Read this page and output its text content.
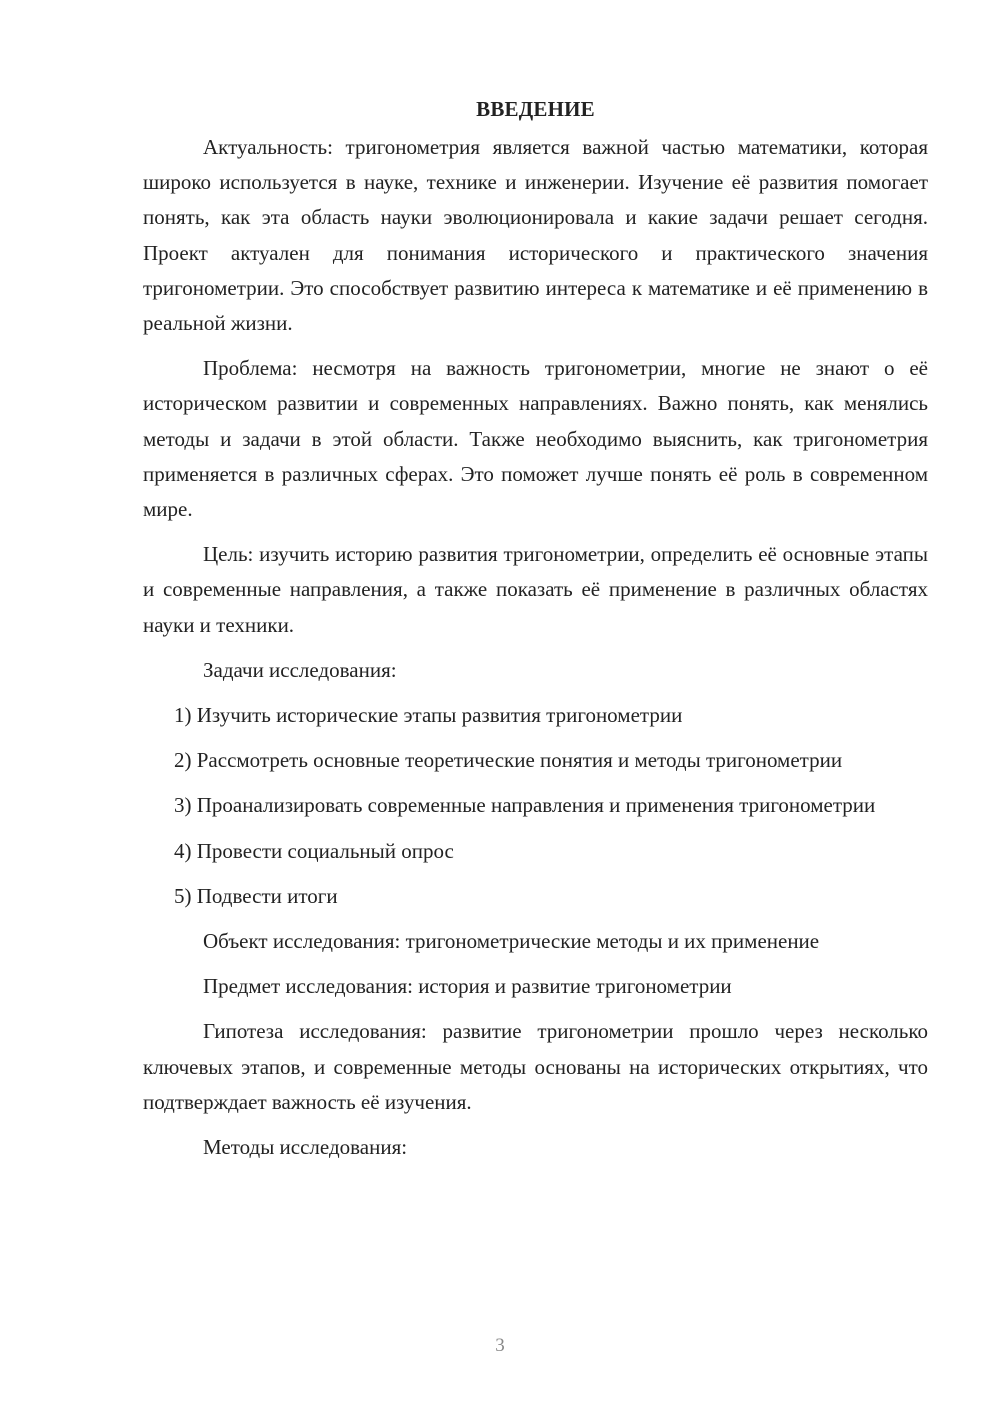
ВВЕДЕНИЕ

Актуальность: тригонометрия является важной частью математики, которая широко используется в науке, технике и инженерии. Изучение её развития помогает понять, как эта область науки эволюционировала и какие задачи решает сегодня. Проект актуален для понимания исторического и практического значения тригонометрии. Это способствует развитию интереса к математике и её применению в реальной жизни.

Проблема: несмотря на важность тригонометрии, многие не знают о её историческом развитии и современных направлениях. Важно понять, как менялись методы и задачи в этой области. Также необходимо выяснить, как тригонометрия применяется в различных сферах. Это поможет лучше понять её роль в современном мире.

Цель: изучить историю развития тригонометрии, определить её основные этапы и современные направления, а также показать её применение в различных областях науки и техники.

Задачи исследования:

1) Изучить исторические этапы развития тригонометрии

2) Рассмотреть основные теоретические понятия и методы тригонометрии

3) Проанализировать современные направления и применения тригонометрии

4) Провести социальный опрос

5) Подвести итоги

Объект исследования: тригонометрические методы и их применение

Предмет исследования: история и развитие тригонометрии

Гипотеза исследования: развитие тригонометрии прошло через несколько ключевых этапов, и современные методы основаны на исторических открытиях, что подтверждает важность её изучения.

Методы исследования:

3
